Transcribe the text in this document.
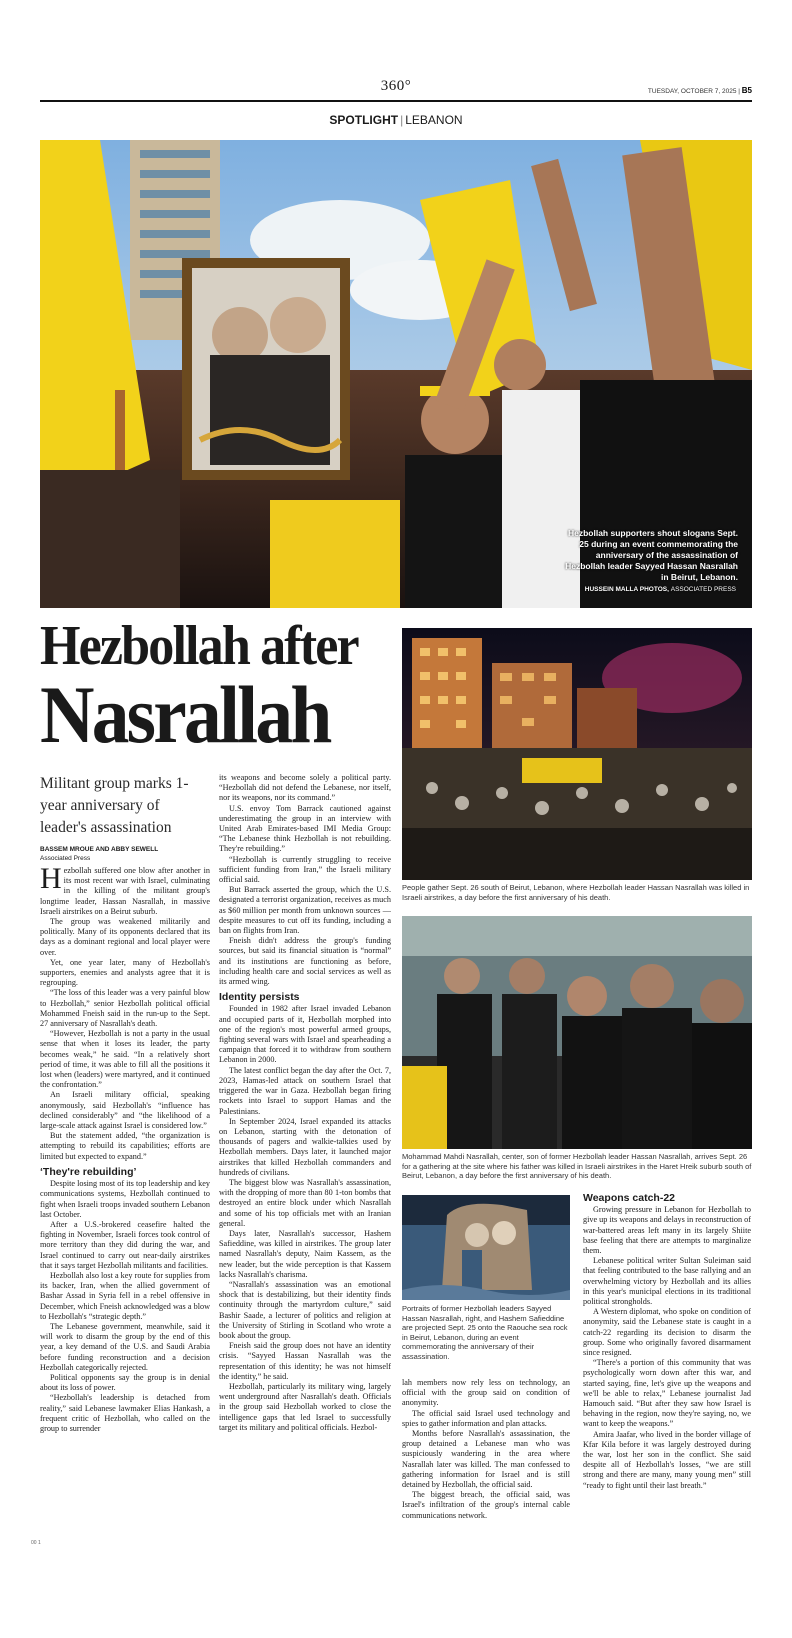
360°	TUESDAY, OCTOBER 7, 2025 | B5
SPOTLIGHT | LEBANON
Hezbollah supporters shout slogans Sept. 25 during an event commemorating the anniversary of the assassination of Hezbollah leader Sayyed Hassan Nasrallah in Beirut, Lebanon.
HUSSEIN MALLA PHOTOS, ASSOCIATED PRESS
Hezbollah after
Nasrallah
Militant group marks 1-year anniversary of leader's assassination
BASSEM MROUE AND ABBY SEWELL
Associated Press

Hezbollah suffered one blow after another in its most recent war with Israel, culminating in the killing of the militant group's longtime leader, Hassan Nasrallah, in massive Israeli airstrikes on a Beirut suburb.

The group was weakened militarily and politically. Many of its opponents declared that its days as a dominant regional and local player were over.

Yet, one year later, many of Hezbollah's supporters, enemies and analysts agree that it is regrouping.

“The loss of this leader was a very painful blow to Hezbollah,” senior Hezbollah political official Mohammed Fneish said in the run-up to the Sept. 27 anniversary of Nasrallah's death.

“However, Hezbollah is not a party in the usual sense that when it loses its leader, the party becomes weak,” he said. “In a relatively short period of time, it was able to fill all the positions it lost when (leaders) were martyred, and it continued the confrontation.”

An Israeli military official, speaking anonymously, said Hezbollah's “influence has declined considerably” and “the likelihood of a large-scale attack against Israel is considered low.”

But the statement added, “the organization is attempting to rebuild its capabilities; efforts are limited but expected to expand.”

‘They're rebuilding’

Despite losing most of its top leadership and key communications systems, Hezbollah continued to fight when Israeli troops invaded southern Lebanon last October.

After a U.S.-brokered ceasefire halted the fighting in November, Israeli forces took control of more territory than they did during the war, and Israel continued to carry out near-daily airstrikes that it says target Hezbollah militants and facilities.

Hezbollah also lost a key route for supplies from its backer, Iran, when the allied government of Bashar Assad in Syria fell in a rebel offensive in December, which Fneish acknowledged was a blow to Hezbollah's “strategic depth.”

The Lebanese government, meanwhile, said it will work to disarm the group by the end of this year, a key demand of the U.S. and Saudi Arabia before funding reconstruction and a decision Hezbollah categorically rejected.

Political opponents say the group is in denial about its loss of power.

“Hezbollah's leadership is detached from reality,” said Lebanese lawmaker Elias Hankash, a frequent critic of Hezbollah, who called on the group to surrender

its weapons and become solely a political party. “Hezbollah did not defend the Lebanese, nor itself, nor its weapons, nor its command.”

U.S. envoy Tom Barrack cautioned against underestimating the group in an interview with United Arab Emirates-based IMI Media Group: “The Lebanese think Hezbollah is not rebuilding. They're rebuilding.”

“Hezbollah is currently struggling to receive sufficient funding from Iran,” the Israeli military official said.

But Barrack asserted the group, which the U.S. designated a terrorist organization, receives as much as $60 million per month from unknown sources — despite measures to cut off its funding, including a ban on flights from Iran.

Fneish didn't address the group's funding sources, but said its financial situation is “normal” and its institutions are functioning as before, including health care and social services as well as its armed wing.

Identity persists

Founded in 1982 after Israel invaded Lebanon and occupied parts of it, Hezbollah morphed into one of the region's most powerful armed groups, fighting several wars with Israel and spearheading a campaign that forced it to withdraw from southern Lebanon in 2000.

The latest conflict began the day after the Oct. 7, 2023, Hamas-led attack on southern Israel that triggered the war in Gaza. Hezbollah began firing rockets into Israel to support Hamas and the Palestinians.

In September 2024, Israel expanded its attacks on Lebanon, starting with the detonation of thousands of pagers and walkie-talkies used by Hezbollah members. Days later, it launched major airstrikes that killed Hezbollah commanders and hundreds of civilians.

The biggest blow was Nasrallah's assassination, with the dropping of more than 80 1-ton bombs that destroyed an entire block under which Nasrallah and some of his top officials met with an Iranian general.

Days later, Nasrallah's successor, Hashem Safieddine, was killed in airstrikes. The group later named Nasrallah's deputy, Naim Kassem, as the new leader, but the wide perception is that Kassem lacks Nasrallah's charisma.

“Nasrallah's assassination was an emotional shock that is destabilizing, but their identity finds continuity through the martyrdom culture,” said Bashir Saade, a lecturer of politics and religion at the University of Stirling in Scotland who wrote a book about the group.

Fneish said the group does not have an identity crisis. “Sayyed Hassan Nasrallah was the representation of this identity; he was not himself the identity,” he said.

Hezbollah, particularly its military wing, largely went underground after Nasrallah's death. Officials in the group said Hezbollah worked to close the intelligence gaps that led Israel to successfully target its military and political officials. Hezbol-

People gather Sept. 26 south of Beirut, Lebanon, where Hezbollah leader Hassan Nasrallah was killed in Israeli airstrikes, a day before the first anniversary of his death.
Mohammad Mahdi Nasrallah, center, son of former Hezbollah leader Hassan Nasrallah, arrives Sept. 26 for a gathering at the site where his father was killed in Israeli airstrikes in the Haret Hreik suburb south of Beirut, Lebanon, a day before the first anniversary of his death.
Portraits of former Hezbollah leaders Sayyed Hassan Nasrallah, right, and Hashem Safieddine are projected Sept. 25 onto the Raouche sea rock in Beirut, Lebanon, during an event commemorating the anniversary of their assassination.

lah members now rely less on technology, an official with the group said on condition of anonymity.

The official said Israel used technology and spies to gather information and plan attacks.

Months before Nasrallah's assassination, the group detained a Lebanese man who was suspiciously wandering in the area where Nasrallah later was killed. The man confessed to gathering information for Israel and is still detained by Hezbollah, the official said.

The biggest breach, the official said, was Israel's infiltration of the group's internal cable communications network.

Weapons catch-22

Growing pressure in Lebanon for Hezbollah to give up its weapons and delays in reconstruction of war-battered areas left many in its largely Shiite base feeling that there are attempts to marginalize them.

Lebanese political writer Sultan Suleiman said that feeling contributed to the base rallying and an overwhelming victory by Hezbollah and its allies in this year's municipal elections in its traditional political strongholds.

A Western diplomat, who spoke on condition of anonymity, said the Lebanese state is caught in a catch-22 regarding its decision to disarm the group. Some who originally favored disarmament since resigned.

“There's a portion of this community that was psychologically worn down after this war, and started saying, fine, let's give up the weapons and we'll be able to relax,” Lebanese journalist Jad Hamouch said. “But after they saw how Israel is behaving in the region, now they're saying, no, we want to keep the weapons.”

Amira Jaafar, who lived in the border village of Kfar Kila before it was largely destroyed during the war, lost her son in the conflict. She said despite all of Hezbollah's losses, “we are still strong and there are many, many young men” still “ready to fight until their last breath.”

00 1
